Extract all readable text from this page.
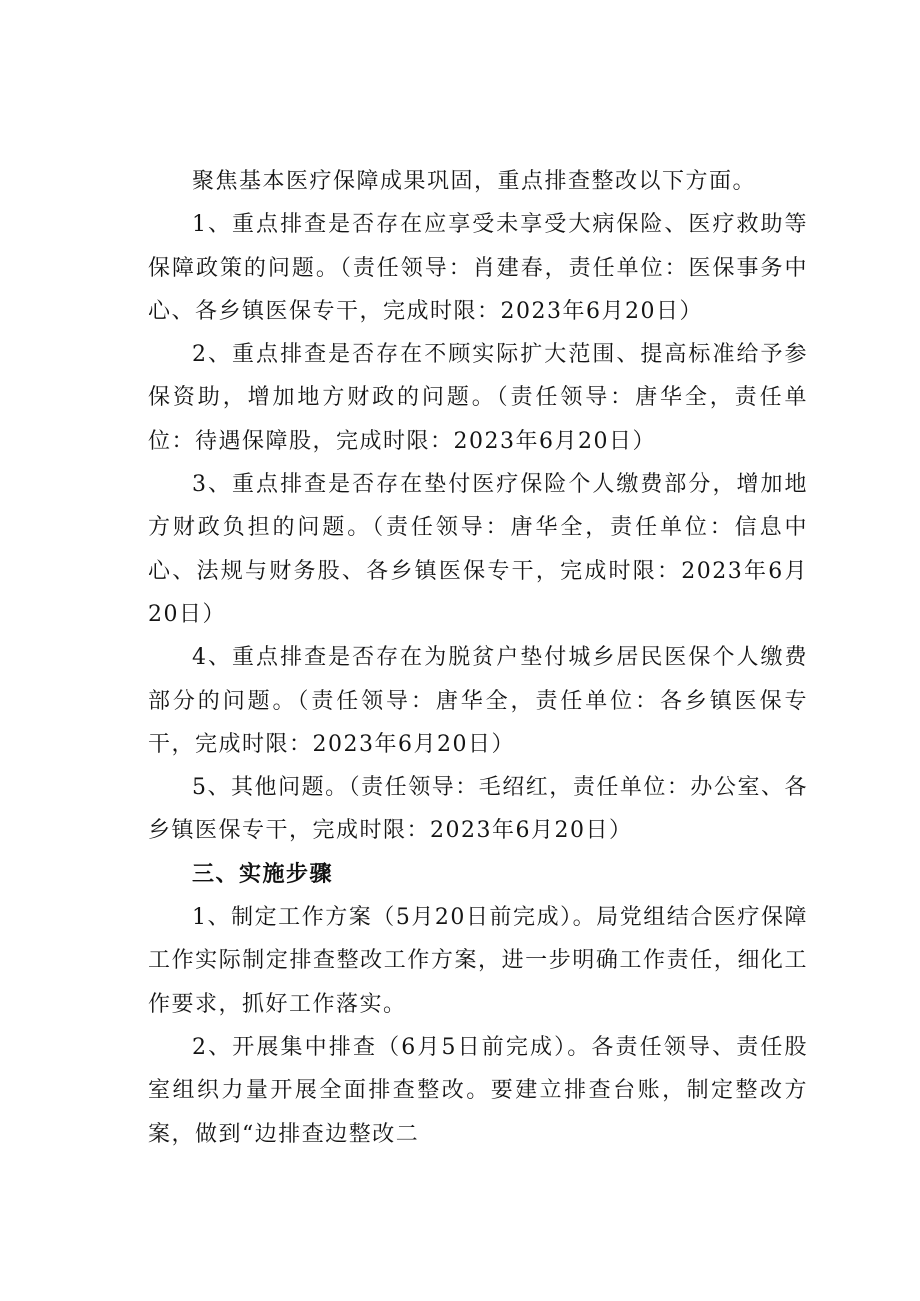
聚焦基本医疗保障成果巩固，重点排查整改以下方面。

1、重点排查是否存在应享受未享受大病保险、医疗救助等保障政策的问题。（责任领导：肖建春，责任单位：医保事务中心、各乡镇医保专干，完成时限：2023年6月20日）

2、重点排查是否存在不顾实际扩大范围、提高标准给予参保资助，增加地方财政的问题。（责任领导：唐华全，责任单位：待遇保障股，完成时限：2023年6月20日）

3、重点排查是否存在垫付医疗保险个人缴费部分，增加地方财政负担的问题。（责任领导：唐华全，责任单位：信息中心、法规与财务股、各乡镇医保专干，完成时限：2023年6月20日）

4、重点排查是否存在为脱贫户垫付城乡居民医保个人缴费部分的问题。（责任领导：唐华全，责任单位：各乡镇医保专干，完成时限：2023年6月20日）

5、其他问题。（责任领导：毛绍红，责任单位：办公室、各乡镇医保专干，完成时限：2023年6月20日）

三、实施步骤

1、制定工作方案（5月20日前完成）。局党组结合医疗保障工作实际制定排查整改工作方案，进一步明确工作责任，细化工作要求，抓好工作落实。

2、开展集中排查（6月5日前完成）。各责任领导、责任股室组织力量开展全面排查整改。要建立排查台账，制定整改方案，做到“边排查边整改二
